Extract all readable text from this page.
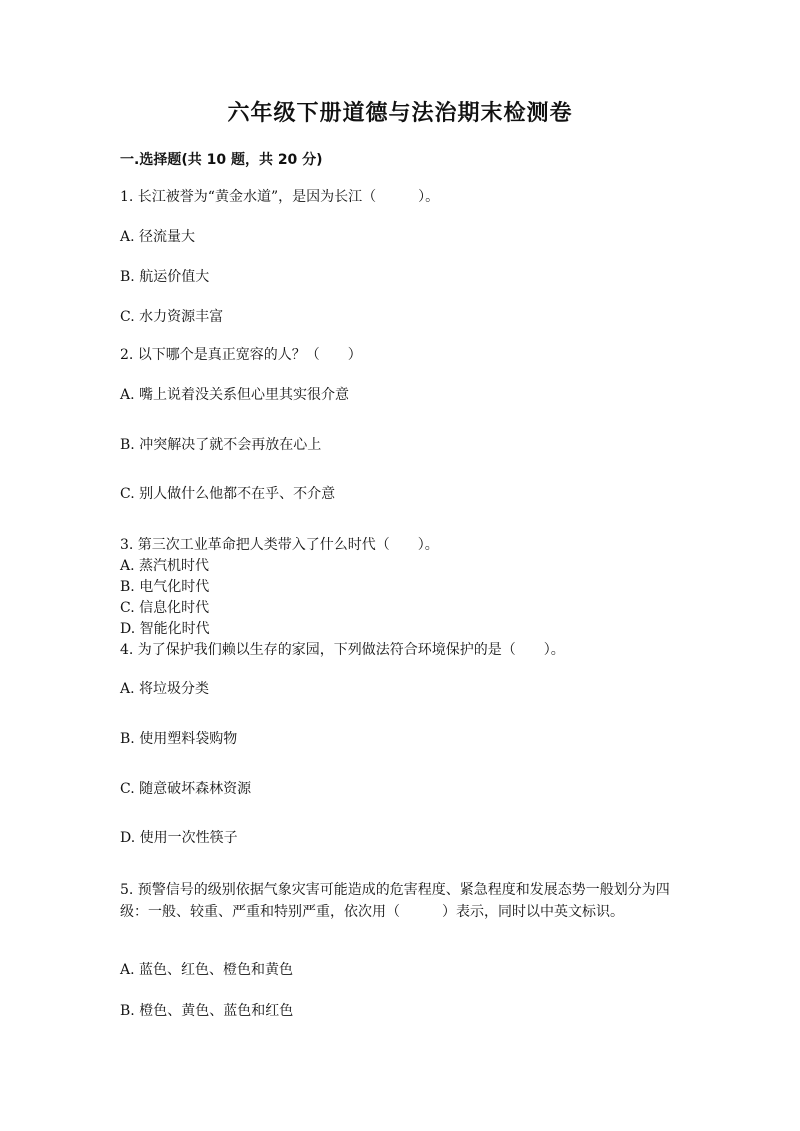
六年级下册道德与法治期末检测卷
一.选择题(共 10 题，共 20 分)
1. 长江被誉为“黄金水道”，是因为长江（　　　）。
A. 径流量大
B. 航运价值大
C. 水力资源丰富
2. 以下哪个是真正宽容的人？（　　）
A. 嘴上说着没关系但心里其实很介意
B. 冲突解决了就不会再放在心上
C. 别人做什么他都不在乎、不介意
3. 第三次工业革命把人类带入了什么时代（　　）。
A. 蒸汽机时代
B. 电气化时代
C. 信息化时代
D. 智能化时代
4. 为了保护我们赖以生存的家园，下列做法符合环境保护的是（　　）。
A. 将垃圾分类
B. 使用塑料袋购物
C. 随意破坏森林资源
D. 使用一次性筷子
5. 预警信号的级别依据气象灾害可能造成的危害程度、紧急程度和发展态势一般划分为四级：一般、较重、严重和特别严重，依次用（　　　）表示，同时以中英文标识。
A. 蓝色、红色、橙色和黄色
B. 橙色、黄色、蓝色和红色
